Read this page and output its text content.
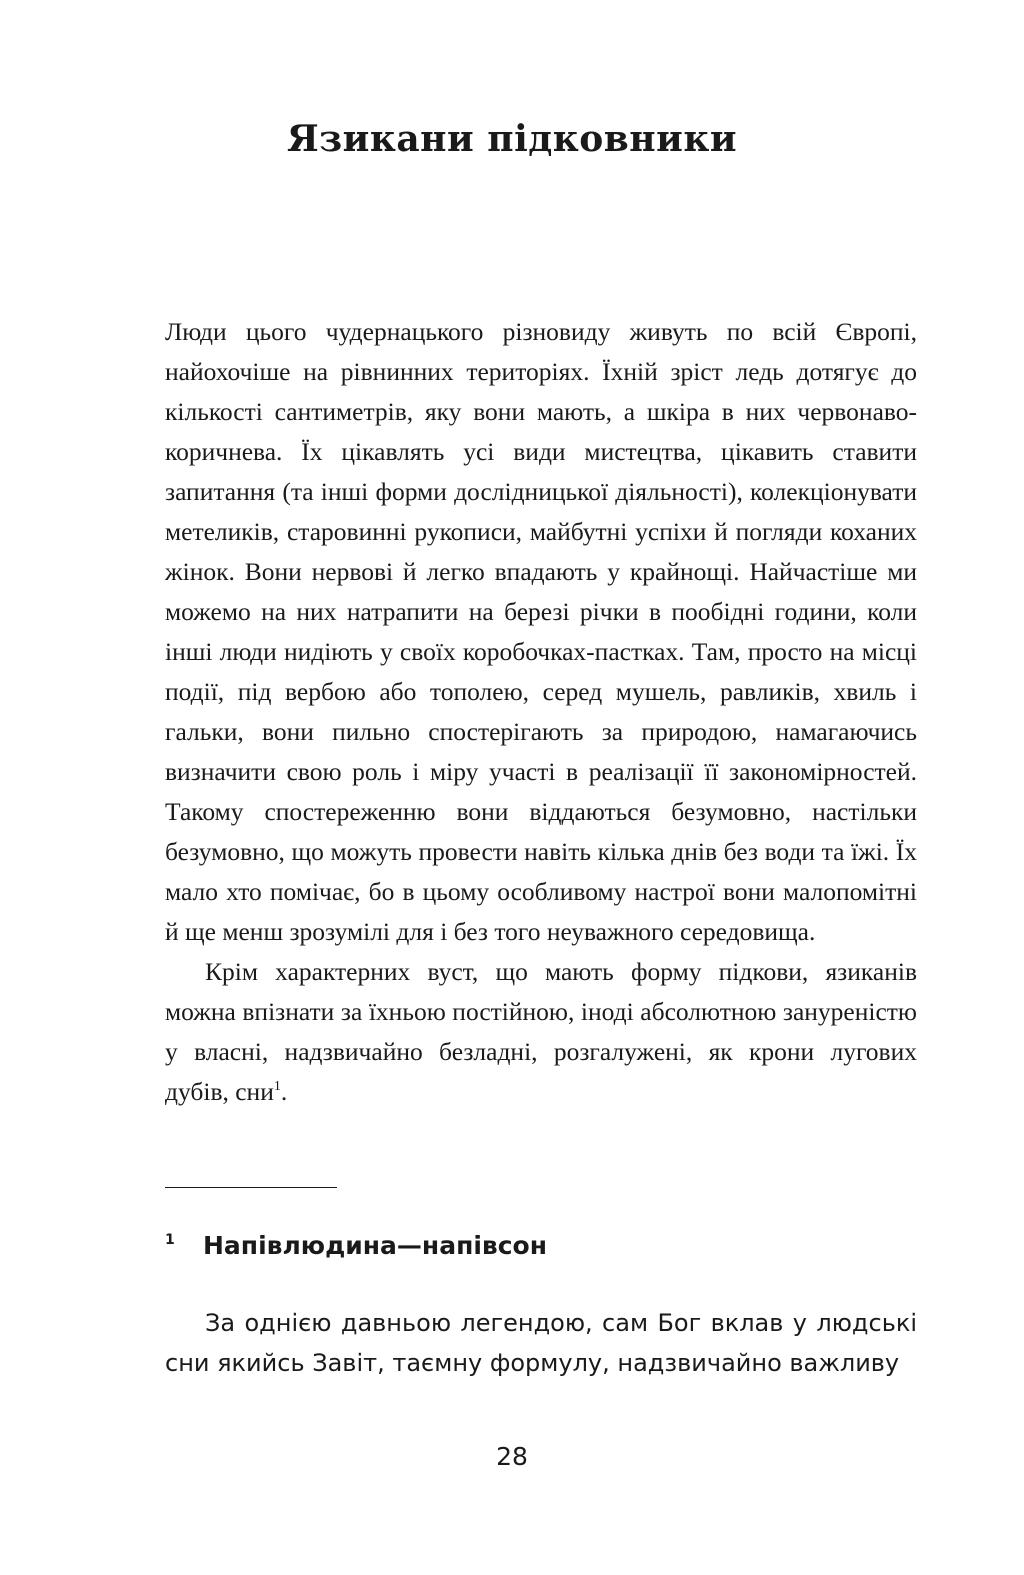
Язикани підковники

Люди цього чудернацького різновиду живуть по всій Європі, найохочіше на рівнинних територіях. Їхній зріст ледь дотягує до кількості сантиметрів, яку вони мають, а шкіра в них червонаво-коричнева. Їх цікавлять усі види мистецтва, цікавить ставити запитання (та інші форми дослідницької діяльності), колекціонувати метеликів, старовинні рукописи, майбутні успіхи й погляди коханих жінок. Вони нервові й легко впадають у крайнощі. Найчастіше ми можемо на них натрапити на березі річки в пообідні години, коли інші люди нидіють у своїх коробочках-пастках. Там, просто на місці події, під вербою або тополею, серед мушель, равликів, хвиль і гальки, вони пильно спостерігають за природою, намагаючись визначити свою роль і міру участі в реалізації її закономірностей. Такому спостереженню вони віддаються безумовно, настільки безумовно, що можуть провести навіть кілька днів без води та їжі. Їх мало хто помічає, бо в цьому особливому настрої вони малопомітні й ще менш зрозумілі для і без того неуважного середовища.

Крім характерних вуст, що мають форму підкови, язиканів можна впізнати за їхньою постійною, іноді абсолютною зануреністю у власні, надзвичайно безладні, розгалужені, як крони лугових дубів, сни$^1$.

1 Напівлюдина—напівсон

За однією давньою легендою, сам Бог вклав у людські сни якийсь Завіт, таємну формулу, надзвичайно важливу

28
